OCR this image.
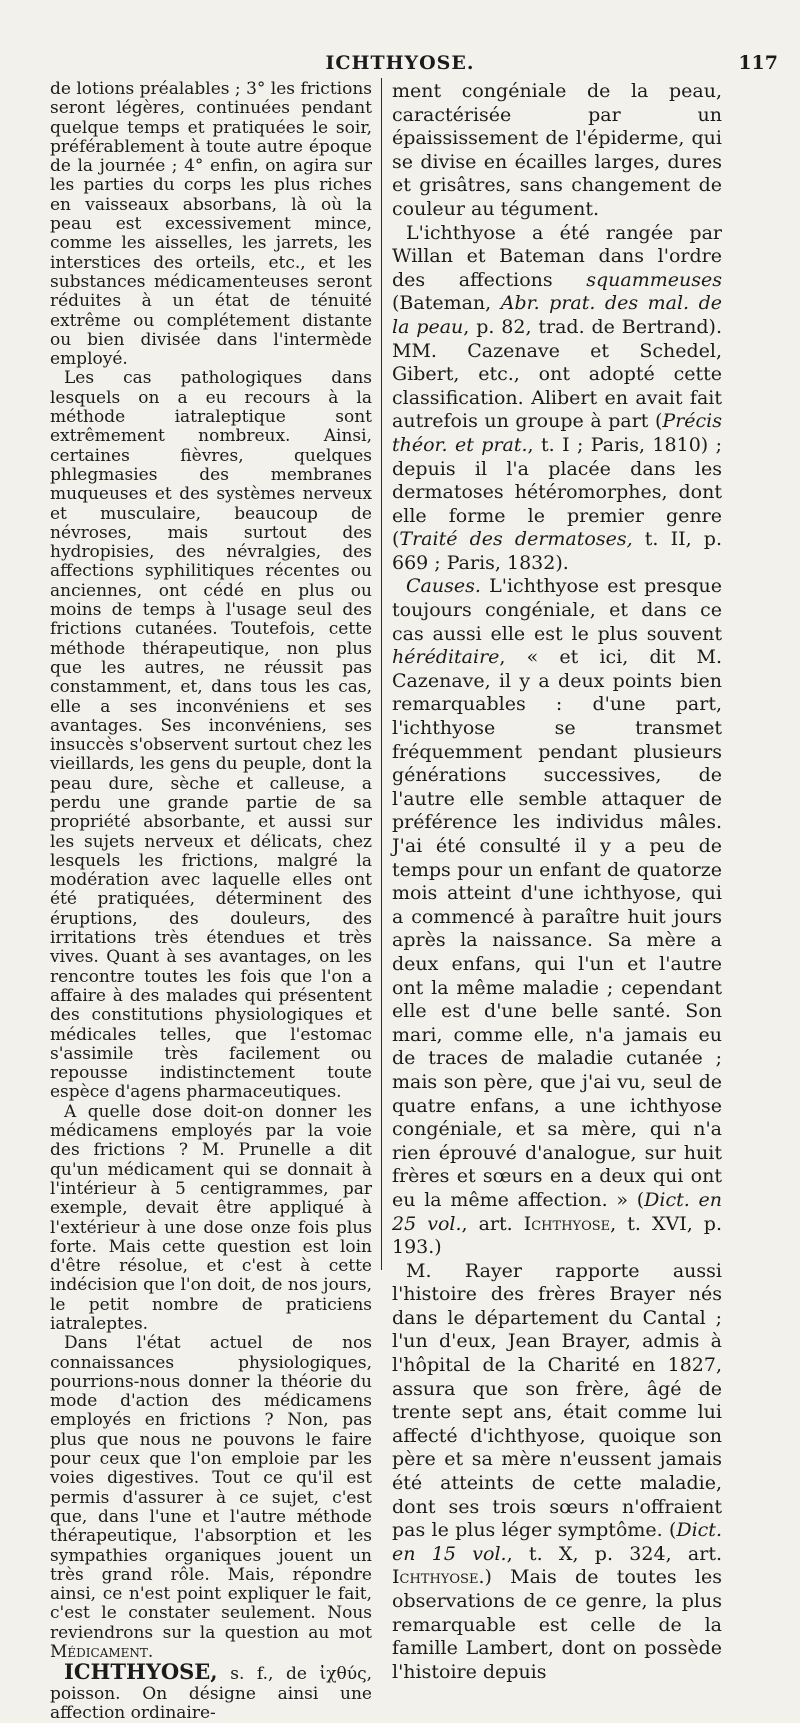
ICHTHYOSE.	117

de lotions préalables ; 3° les frictions seront légères, continuées pendant quelque temps et pratiquées le soir, préférablement à toute autre époque de la journée ; 4° enfin, on agira sur les parties du corps les plus riches en vaisseaux absorbans, là où la peau est excessivement mince, comme les aisselles, les jarrets, les interstices des orteils, etc., et les substances médicamenteuses seront réduites à un état de ténuité extrême ou complétement distante ou bien divisée dans l'intermède employé.

Les cas pathologiques dans lesquels on a eu recours à la méthode iatraleptique sont extrêmement nombreux. Ainsi, certaines fièvres, quelques phlegmasies des membranes muqueuses et des systèmes nerveux et musculaire, beaucoup de névroses, mais surtout des hydropisies, des névralgies, des affections syphilitiques récentes ou anciennes, ont cédé en plus ou moins de temps à l'usage seul des frictions cutanées. Toutefois, cette méthode thérapeutique, non plus que les autres, ne réussit pas constamment, et, dans tous les cas, elle a ses inconvéniens et ses avantages. Ses inconvéniens, ses insuccès s'observent surtout chez les vieillards, les gens du peuple, dont la peau dure, sèche et calleuse, a perdu une grande partie de sa propriété absorbante, et aussi sur les sujets nerveux et délicats, chez lesquels les frictions, malgré la modération avec laquelle elles ont été pratiquées, déterminent des éruptions, des douleurs, des irritations très étendues et très vives. Quant à ses avantages, on les rencontre toutes les fois que l'on a affaire à des malades qui présentent des constitutions physiologiques et médicales telles, que l'estomac s'assimile très facilement ou repousse indistinctement toute espèce d'agens pharmaceutiques.

A quelle dose doit-on donner les médicamens employés par la voie des frictions ? M. Prunelle a dit qu'un médicament qui se donnait à l'intérieur à 5 centigrammes, par exemple, devait être appliqué à l'extérieur à une dose onze fois plus forte. Mais cette question est loin d'être résolue, et c'est à cette indécision que l'on doit, de nos jours, le petit nombre de praticiens iatraleptes.

Dans l'état actuel de nos connaissances physiologiques, pourrions-nous donner la théorie du mode d'action des médicamens employés en frictions ? Non, pas plus que nous ne pouvons le faire pour ceux que l'on emploie par les voies digestives. Tout ce qu'il est permis d'assurer à ce sujet, c'est que, dans l'une et l'autre méthode thérapeutique, l'absorption et les sympathies organiques jouent un très grand rôle. Mais, répondre ainsi, ce n'est point expliquer le fait, c'est le constater seulement. Nous reviendrons sur la question au mot Médicament.

ICHTHYOSE, s. f., de ἰχθύς, poisson. On désigne ainsi une affection ordinaire-

ment congéniale de la peau, caractérisée par un épaississement de l'épiderme, qui se divise en écailles larges, dures et grisâtres, sans changement de couleur au tégument.

L'ichthyose a été rangée par Willan et Bateman dans l'ordre des affections squammeuses (Bateman, Abr. prat. des mal. de la peau, p. 82, trad. de Bertrand). MM. Cazenave et Schedel, Gibert, etc., ont adopté cette classification. Alibert en avait fait autrefois un groupe à part (Précis théor. et prat., t. I ; Paris, 1810) ; depuis il l'a placée dans les dermatoses hétéromorphes, dont elle forme le premier genre (Traité des dermatoses, t. II, p. 669 ; Paris, 1832).

Causes. L'ichthyose est presque toujours congéniale, et dans ce cas aussi elle est le plus souvent héréditaire, « et ici, dit M. Cazenave, il y a deux points bien remarquables : d'une part, l'ichthyose se transmet fréquemment pendant plusieurs générations successives, de l'autre elle semble attaquer de préférence les individus mâles. J'ai été consulté il y a peu de temps pour un enfant de quatorze mois atteint d'une ichthyose, qui a commencé à paraître huit jours après la naissance. Sa mère a deux enfans, qui l'un et l'autre ont la même maladie ; cependant elle est d'une belle santé. Son mari, comme elle, n'a jamais eu de traces de maladie cutanée ; mais son père, que j'ai vu, seul de quatre enfans, a une ichthyose congéniale, et sa mère, qui n'a rien éprouvé d'analogue, sur huit frères et sœurs en a deux qui ont eu la même affection. » (Dict. en 25 vol., art. Ichthyose, t. XVI, p. 193.)

M. Rayer rapporte aussi l'histoire des frères Brayer nés dans le département du Cantal ; l'un d'eux, Jean Brayer, admis à l'hôpital de la Charité en 1827, assura que son frère, âgé de trente sept ans, était comme lui affecté d'ichthyose, quoique son père et sa mère n'eussent jamais été atteints de cette maladie, dont ses trois sœurs n'offraient pas le plus léger symptôme. (Dict. en 15 vol., t. X, p. 324, art. Ichthyose.) Mais de toutes les observations de ce genre, la plus remarquable est celle de la famille Lambert, dont on possède l'histoire depuis
